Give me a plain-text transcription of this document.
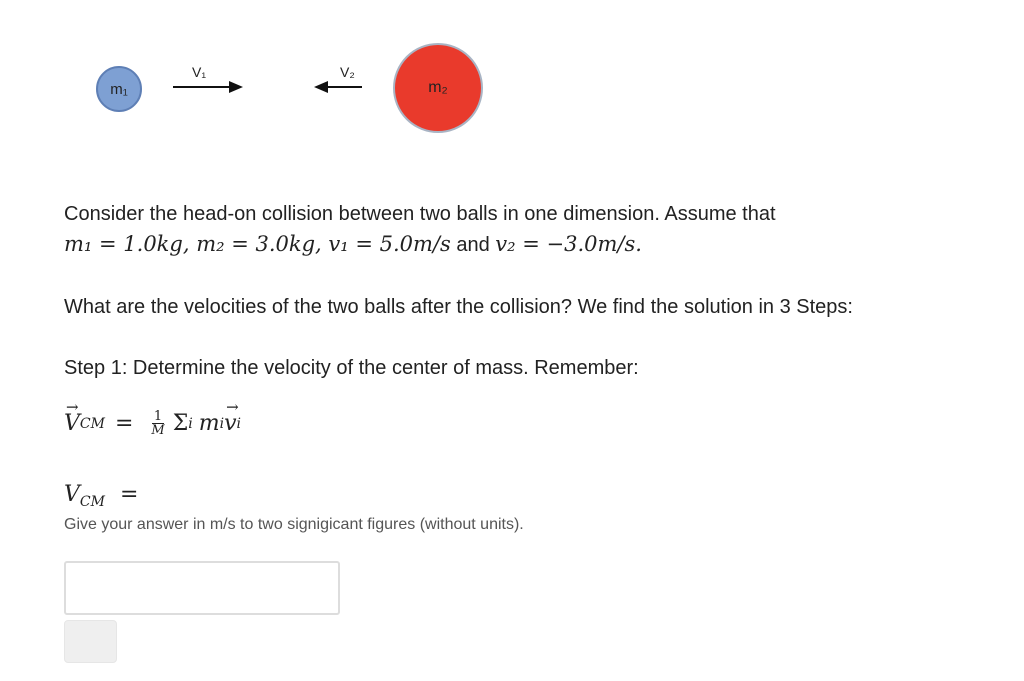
m₁
V₁	V₂
m₂
Consider the head-on collision between two balls in one dimension. Assume that
m₁ = 1.0kg, m₂ = 3.0kg, v₁ = 5.0m/s and v₂ = −3.0m/s.
What are the velocities of the two balls after the collision? We find the solution in 3 Steps:
Step 1: Determine the velocity of the center of mass. Remember:
→ V CM = $\frac{1}{M}$ Σ i m i
→ v i
$V_{CM}$ =
Give your answer in m/s to two signigicant figures (without units).
